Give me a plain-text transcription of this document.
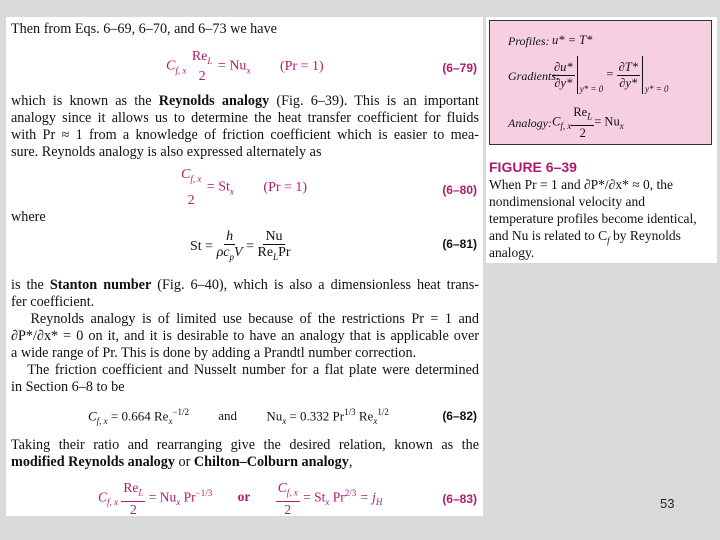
Then from Eqs. 6–69, 6–70, and 6–73 we have
$C_{f, x}$
$Re_L$
2
= $Nu_x$ (Pr = 1)	(6–79)
which is known as the Reynolds analogy (Fig. 6–39). This is an important
analogy since it allows us to determine the heat transfer coefficient for fluids
with Pr ≈ 1 from a knowledge of friction coefficient which is easier to mea-
sure. Reynolds analogy is also expressed alternately as
$C_{f, x}$
2
= $St_x$ (Pr = 1)	(6–80)
where
$St = \frac{h}{\rho c_pV} = \frac{Nu}{Re_LPr}$	(6–81)
is the Stanton number (Fig. 6–40), which is also a dimensionless heat trans-
fer coefficient.
Reynolds analogy is of limited use because of the restrictions Pr = 1 and
∂P*/∂x* = 0 on it, and it is desirable to have an analogy that is applicable over
a wide range of Pr. This is done by adding a Prandtl number correction.
The friction coefficient and Nusselt number for a flat plate were determined
in Section 6–8 to be
$C_{f, x} = 0.664$ $Re_x^{-1/2}$ and $Nu_x = 0.332$ $Pr^{1/3}$ $Re_x^{1/2}$	(6–82)
Taking their ratio and rearranging give the desired relation, known as the
modified Reynolds analogy or Chilton–Colburn analogy,
$C_{f, x} \frac{Re_L}{2} = Nu_x$ $Pr^{-1/3}$ or $\frac{C_{f, x}}{2} = St_x$ $Pr^{2/3} = j_H$	(6–83)
Profiles: u* = T*
Gradients:
$\frac{\partial u*}{\partial y*} y* = 0 = \frac{\partial T*}{\partial y*} y* = 0$
Analogy: $C_{f, x} \frac{Re_L}{2} = Nu_x$
FIGURE 6–39
When Pr = 1 and ∂P*/∂x* ≈ 0, the
nondimensional velocity and
temperature profiles become identical,
and Nu is related to $C_f$ by Reynolds
analogy.
53
